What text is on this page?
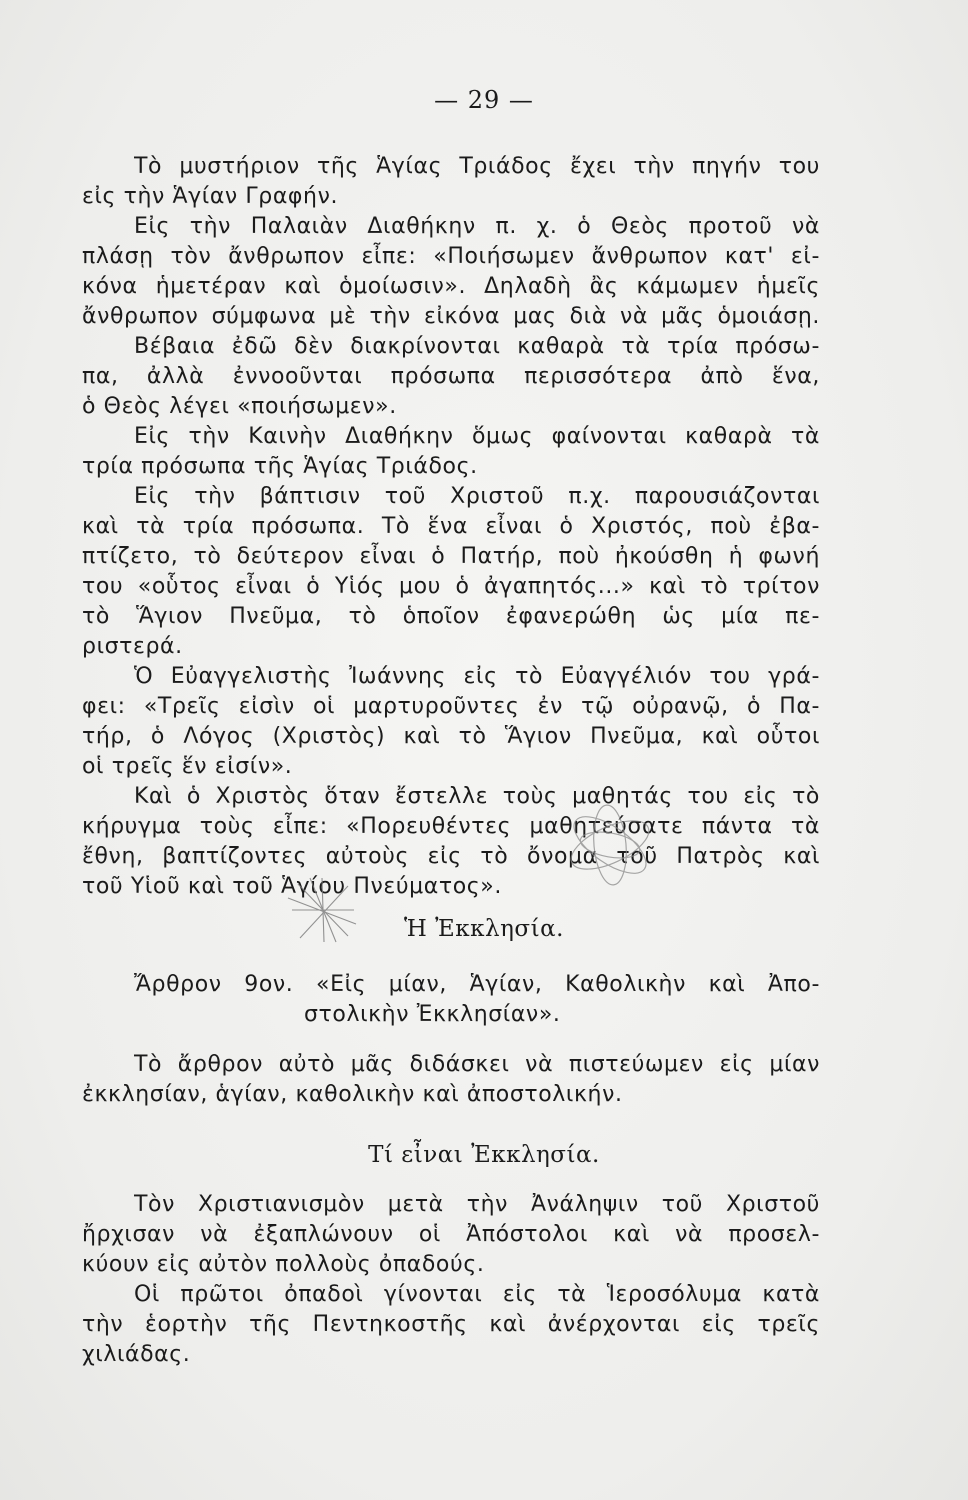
— 29 —
Τὸ μυστήριον τῆς Ἁγίας Τριάδος ἔχει τὴν πηγήν του
εἰς τὴν Ἁγίαν Γραφήν.
Εἰς τὴν Παλαιὰν Διαθήκην π. χ. ὁ Θεὸς προτοῦ νὰ
πλάσῃ τὸν ἄνθρωπον εἶπε: «Ποιήσωμεν ἄνθρωπον κατ' εἰ-
κόνα ἡμετέραν καὶ ὁμοίωσιν». Δηλαδὴ ἂς κάμωμεν ἡμεῖς
ἄνθρωπον σύμφωνα μὲ τὴν εἰκόνα μας διὰ νὰ μᾶς ὁμοιάσῃ.
Βέβαια ἐδῶ δὲν διακρίνονται καθαρὰ τὰ τρία πρόσω-
πα, ἀλλὰ ἐννοοῦνται πρόσωπα περισσότερα ἀπὸ ἕνα,
ὁ Θεὸς λέγει «ποιήσωμεν».
Εἰς τὴν Καινὴν Διαθήκην ὅμως φαίνονται καθαρὰ τὰ
τρία πρόσωπα τῆς Ἁγίας Τριάδος.
Εἰς τὴν βάπτισιν τοῦ Χριστοῦ π.χ. παρουσιάζονται
καὶ τὰ τρία πρόσωπα. Τὸ ἕνα εἶναι ὁ Χριστός, ποὺ ἐβα-
πτίζετο, τὸ δεύτερον εἶναι ὁ Πατήρ, ποὺ ἠκούσθη ἡ φωνή
του «οὗτος εἶναι ὁ Υἱός μου ὁ ἀγαπητός...» καὶ τὸ τρίτον
τὸ Ἅγιον Πνεῦμα, τὸ ὁποῖον ἐφανερώθη ὡς μία πε-
ριστερά.
Ὁ Εὐαγγελιστὴς Ἰωάννης εἰς τὸ Εὐαγγέλιόν του γρά-
φει: «Τρεῖς εἰσὶν οἱ μαρτυροῦντες ἐν τῷ οὐρανῷ, ὁ Πα-
τήρ, ὁ Λόγος (Χριστὸς) καὶ τὸ Ἅγιον Πνεῦμα, καὶ οὗτοι
οἱ τρεῖς ἕν εἰσίν».
Καὶ ὁ Χριστὸς ὅταν ἔστελλε τοὺς μαθητάς του εἰς τὸ
κήρυγμα τοὺς εἶπε: «Πορευθέντες μαθητεύσατε πάντα τὰ
ἔθνη, βαπτίζοντες αὐτοὺς εἰς τὸ ὄνομα τοῦ Πατρὸς καὶ
τοῦ Υἱοῦ καὶ τοῦ Ἁγίου Πνεύματος».
Ἡ Ἐκκλησία.
Ἄρθρον 9ον. «Εἰς μίαν, Ἁγίαν, Καθολικὴν καὶ Ἀπο-
στολικὴν Ἐκκλησίαν».
Τὸ ἄρθρον αὐτὸ μᾶς διδάσκει νὰ πιστεύωμεν εἰς μίαν
ἐκκλησίαν, ἁγίαν, καθολικὴν καὶ ἀποστολικήν.
Τί εἶναι Ἐκκλησία.
Τὸν Χριστιανισμὸν μετὰ τὴν Ἀνάληψιν τοῦ Χριστοῦ
ἤρχισαν νὰ ἐξαπλώνουν οἱ Ἀπόστολοι καὶ νὰ προσελ-
κύουν εἰς αὐτὸν πολλοὺς ὀπαδούς.
Οἱ πρῶτοι ὀπαδοὶ γίνονται εἰς τὰ Ἱεροσόλυμα κατὰ
τὴν ἑορτὴν τῆς Πεντηκοστῆς καὶ ἀνέρχονται εἰς τρεῖς
χιλιάδας.
